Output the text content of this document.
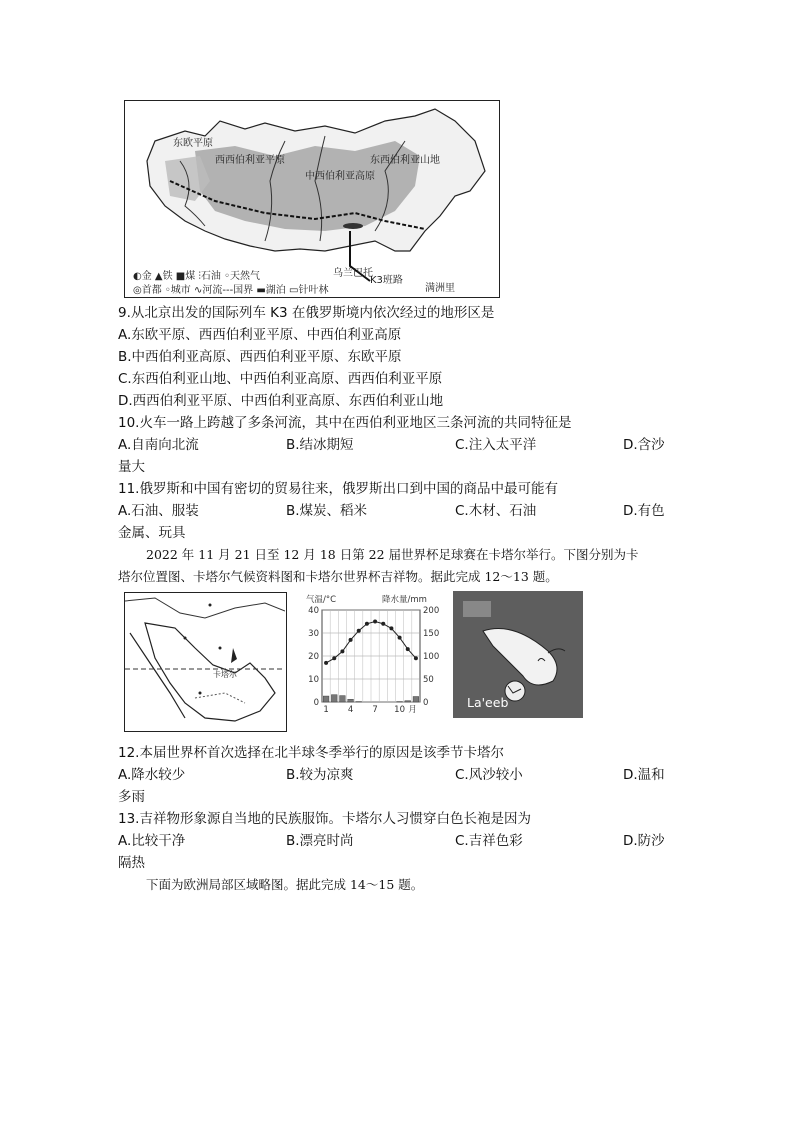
东欧平原
西西伯利亚平原
中西伯利亚高原
东西伯利亚山地
乌兰巴托
K3班路
满洲里
◐金 ▲铁 ■煤 ⫶石油 ◦天然气
◎首都 ◦城市 ∿河流---国界 ▬湖泊 ▭针叶林
9.从北京出发的国际列车 K3 在俄罗斯境内依次经过的地形区是
A.东欧平原、西西伯利亚平原、中西伯利亚高原
B.中西伯利亚高原、西西伯利亚平原、东欧平原
C.东西伯利亚山地、中西伯利亚高原、西西伯利亚平原
D.西西伯利亚平原、中西伯利亚高原、东西伯利亚山地
10.火车一路上跨越了多条河流，其中在西伯利亚地区三条河流的共同特征是
A.自南向北流	B.结冰期短	C.注入太平洋	D.含沙
量大
11.俄罗斯和中国有密切的贸易往来，俄罗斯出口到中国的商品中最可能有
A.石油、服装	B.煤炭、稻米	C.木材、石油	D.有色
金属、玩具
2022 年 11 月 21 日至 12 月 18 日第 22 届世界杯足球赛在卡塔尔举行。下图分别为卡
塔尔位置图、卡塔尔气候资料图和卡塔尔世界杯吉祥物。据此完成 12～13 题。
卡塔尔
气温/°C	降水量/mm
40	200
30	150
20	100
10	50
0	0
1 4 7 10 月	La'eeb
12.本届世界杯首次选择在北半球冬季举行的原因是该季节卡塔尔
A.降水较少	B.较为凉爽	C.风沙较小	D.温和
多雨
13.吉祥物形象源自当地的民族服饰。卡塔尔人习惯穿白色长袍是因为
A.比较干净	B.漂亮时尚	C.吉祥色彩	D.防沙
隔热
下面为欧洲局部区域略图。据此完成 14～15 题。
